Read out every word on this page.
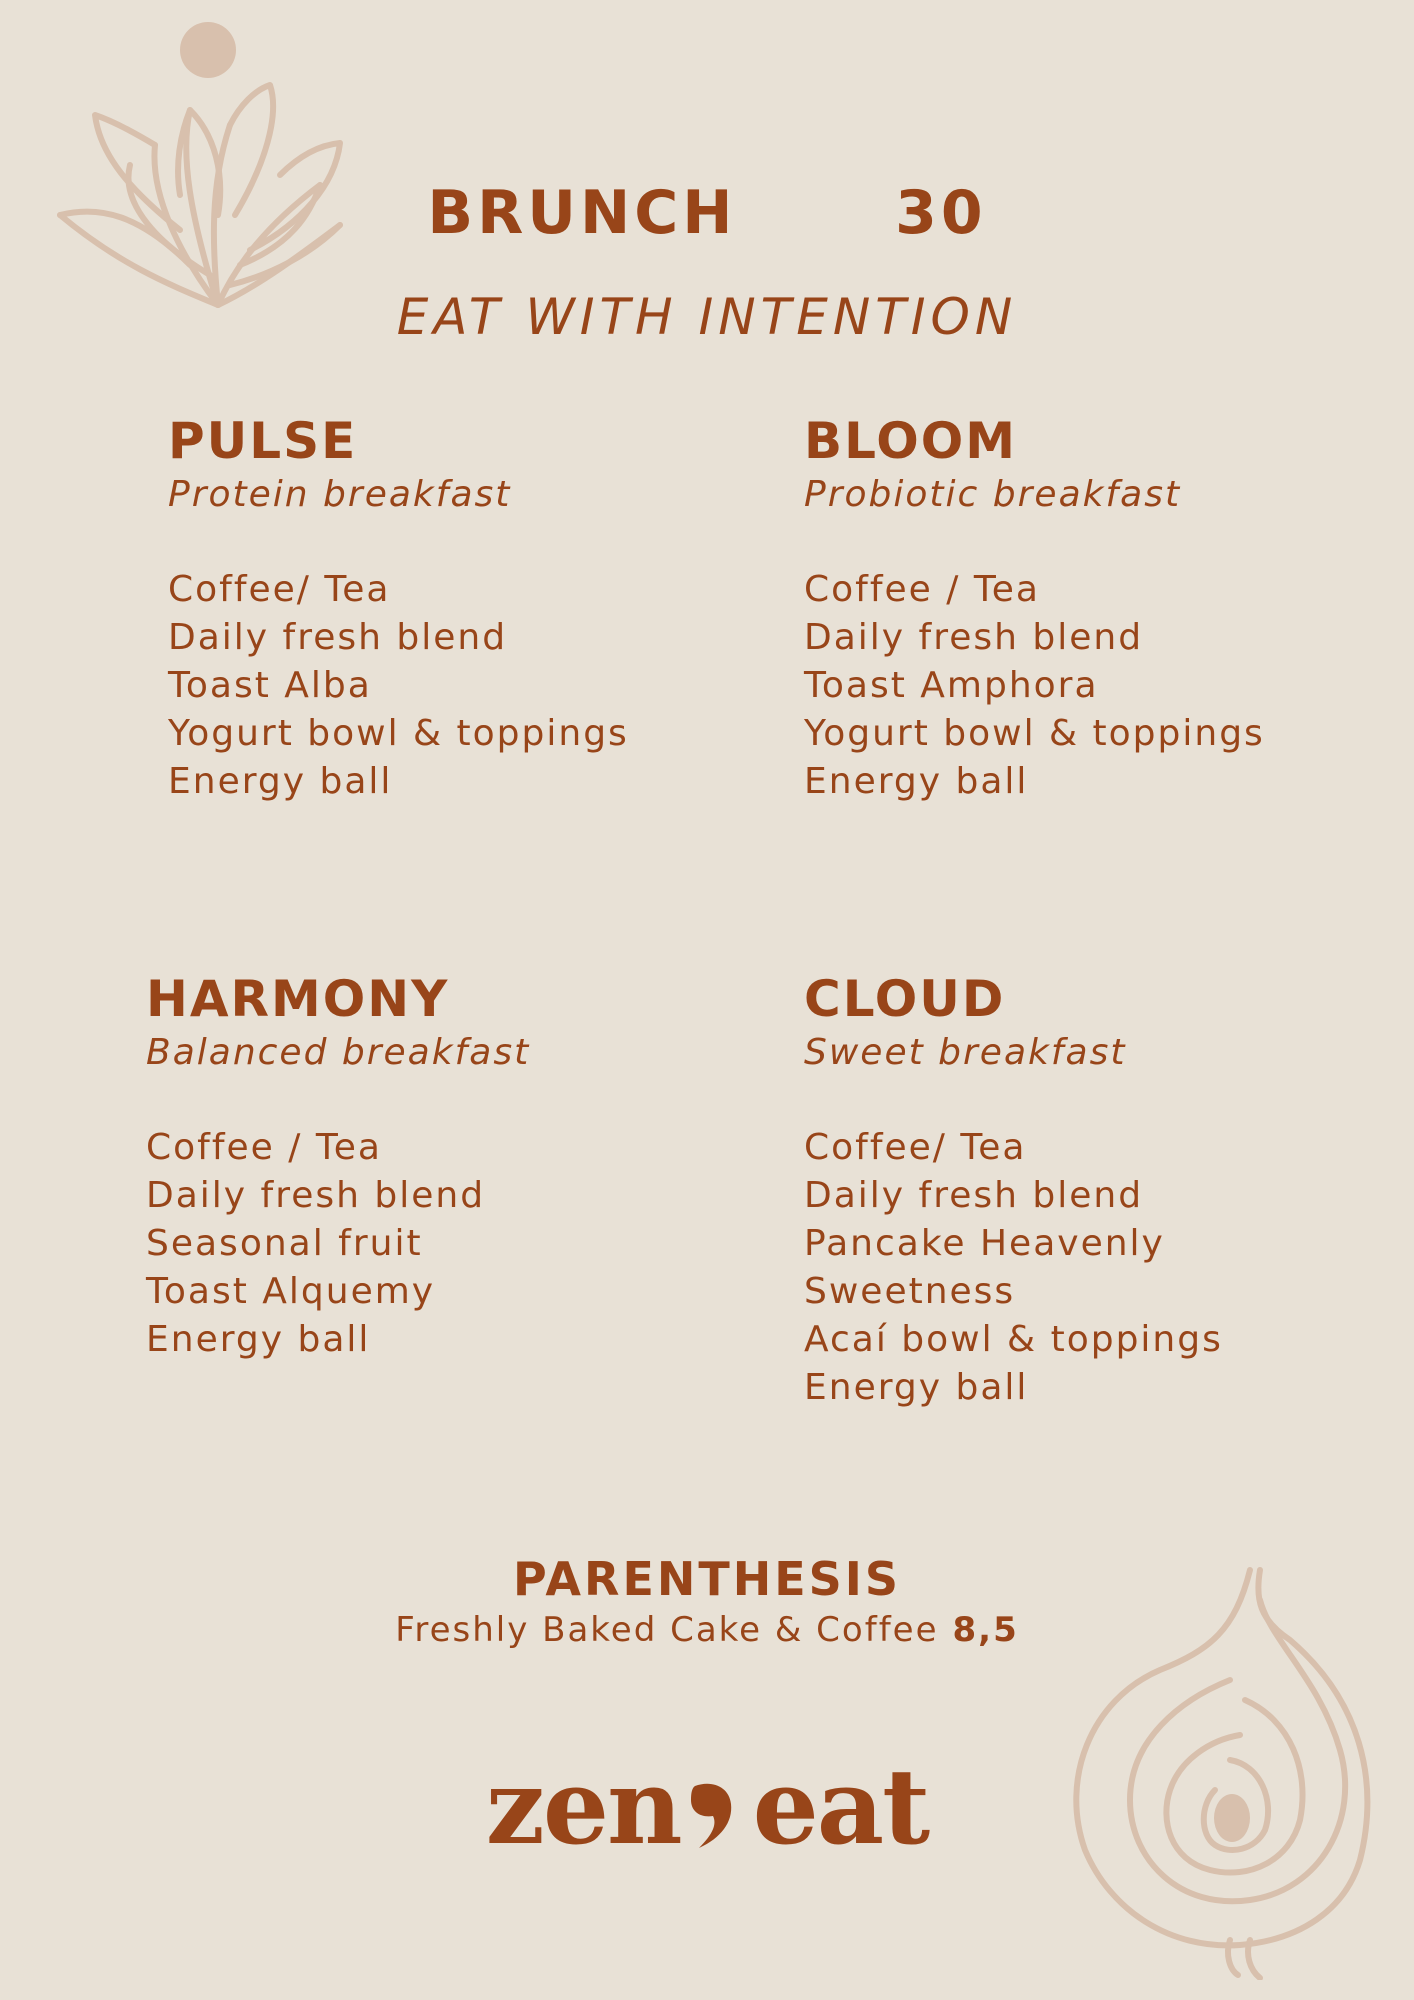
BRUNCH   30
EAT WITH INTENTION
PULSE
Protein breakfast
Coffee/ Tea
Daily fresh blend
Toast Alba
Yogurt bowl & toppings
Energy ball
BLOOM
Probiotic breakfast
Coffee / Tea
Daily fresh blend
Toast Amphora
Yogurt bowl & toppings
Energy ball
HARMONY
Balanced breakfast
Coffee / Tea
Daily fresh blend
Seasonal fruit
Toast Alquemy
Energy ball
CLOUD
Sweet breakfast
Coffee/ Tea
Daily fresh blend
Pancake Heavenly
Sweetness
Acaí bowl & toppings
Energy ball
PARENTHESIS
Freshly Baked Cake & Coffee 8,5
zen eat
